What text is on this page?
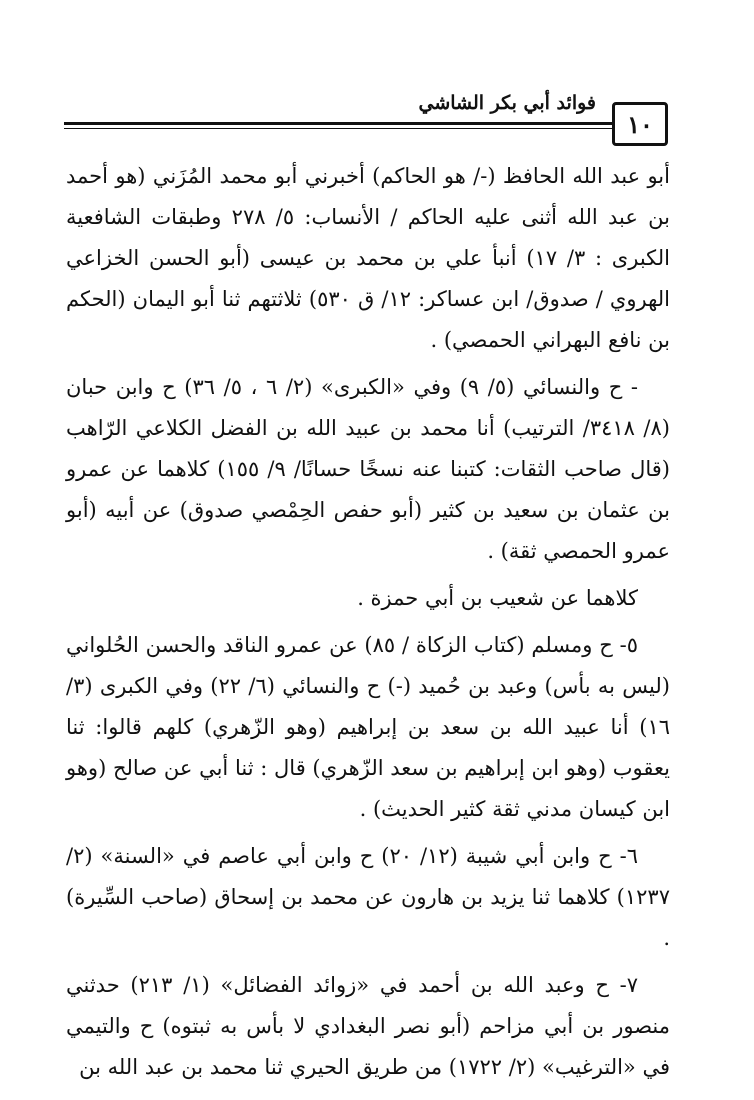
فوائد أبي بكر الشاشي
١٠

أبو عبد الله الحافظ (-/ هو الحاكم) أخبرني أبو محمد المُزَني (هو أحمد بن عبد الله أثنى عليه الحاكم / الأنساب: ٥/ ٢٧٨ وطبقات الشافعية الكبرى : ٣/ ١٧) أنبأ علي بن محمد بن عيسى (أبو الحسن الخزاعي الهروي / صدوق/ ابن عساكر: ١٢/ ق ٥٣٠) ثلاثتهم ثنا أبو اليمان (الحكم بن نافع البهراني الحمصي) .

- ح والنسائي (٥/ ٩) وفي «الكبرى» (٢/ ٦ ، ٥/ ٣٦) ح وابن حبان (٨/ ٣٤١٨/ الترتيب) أنا محمد بن عبيد الله بن الفضل الكلاعي الرّاهب (قال صاحب الثقات: كتبنا عنه نسخًا حسانًا/ ٩/ ١٥٥) كلاهما عن عمرو بن عثمان بن سعيد بن كثير (أبو حفص الحِمْصي صدوق) عن أبيه (أبو عمرو الحمصي ثقة) .

كلاهما عن شعيب بن أبي حمزة .

٥- ح ومسلم (كتاب الزكاة / ٨٥) عن عمرو الناقد والحسن الحُلواني (ليس به بأس) وعبد بن حُميد (-) ح والنسائي (٦/ ٢٢) وفي الكبرى (٣/ ١٦) أنا عبيد الله بن سعد بن إبراهيم (وهو الزّهري) كلهم قالوا: ثنا يعقوب (وهو ابن إبراهيم بن سعد الزّهري) قال : ثنا أبي عن صالح (وهو ابن كيسان مدني ثقة كثير الحديث) .

٦- ح وابن أبي شيبة (١٢/ ٢٠) ح وابن أبي عاصم في «السنة» (٢/ ١٢٣٧) كلاهما ثنا يزيد بن هارون عن محمد بن إسحاق (صاحب السِّيرة) .

٧- ح وعبد الله بن أحمد في «زوائد الفضائل» (١/ ٢١٣) حدثني منصور بن أبي مزاحم (أبو نصر البغدادي لا بأس به ثبتوه) ح والتيمي في «الترغيب» (٢/ ١٧٢٢) من طريق الحيري ثنا محمد بن عبد الله بن
